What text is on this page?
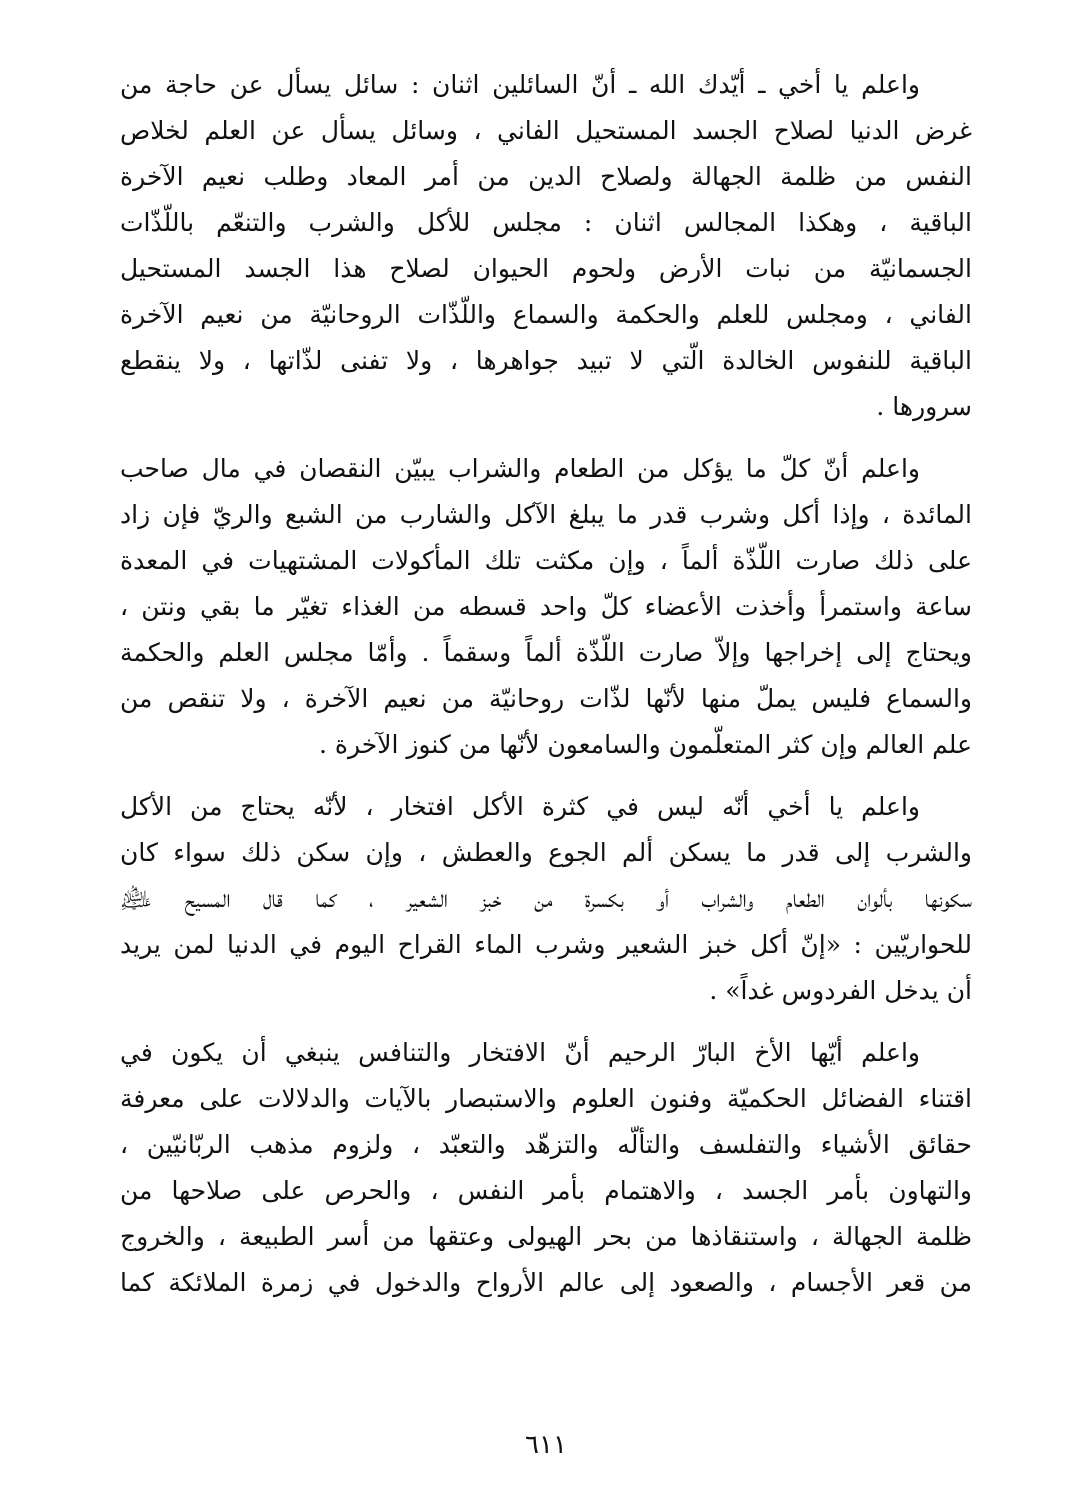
واعلم يا أخي ـ أيّدك الله ـ أنّ السائلين اثنان : سائل يسأل عن حاجة من
غرض الدنيا لصلاح الجسد المستحيل الفاني ، وسائل يسأل عن العلم لخلاص
النفس من ظلمة الجهالة ولصلاح الدين من أمر المعاد وطلب نعيم الآخرة
الباقية ، وهكذا المجالس اثنان : مجلس للأكل والشرب والتنعّم باللّذّات
الجسمانيّة من نبات الأرض ولحوم الحيوان لصلاح هذا الجسد المستحيل
الفاني ، ومجلس للعلم والحكمة والسماع واللّذّات الروحانيّة من نعيم الآخرة
الباقية للنفوس الخالدة الّتي لا تبيد جواهرها ، ولا تفنى لذّاتها ، ولا ينقطع
سرورها .
واعلم أنّ كلّ ما يؤكل من الطعام والشراب يبيّن النقصان في مال صاحب
المائدة ، وإذا أكل وشرب قدر ما يبلغ الآكل والشارب من الشبع والريّ فإن زاد
على ذلك صارت اللّذّة ألماً ، وإن مكثت تلك المأكولات المشتهيات في المعدة
ساعة واستمرأ وأخذت الأعضاء كلّ واحد قسطه من الغذاء تغيّر ما بقي ونتن ،
ويحتاج إلى إخراجها وإلاّ صارت اللّذّة ألماً وسقماً . وأمّا مجلس العلم والحكمة
والسماع فليس يملّ منها لأنّها لذّات روحانيّة من نعيم الآخرة ، ولا تنقص من
علم العالم وإن كثر المتعلّمون والسامعون لأنّها من كنوز الآخرة .
واعلم يا أخي أنّه ليس في كثرة الأكل افتخار ، لأنّه يحتاج من الأكل
والشرب إلى قدر ما يسكن ألم الجوع والعطش ، وإن سكن ذلك سواء كان
سكونها بألوان الطعام والشراب أو بكسرة من خبز الشعير ، كما قال المسيح ﵇
للحواريّين : «إنّ أكل خبز الشعير وشرب الماء القراح اليوم في الدنيا لمن يريد
أن يدخل الفردوس غداً» .
واعلم أيّها الأخ البارّ الرحيم أنّ الافتخار والتنافس ينبغي أن يكون في
اقتناء الفضائل الحكميّة وفنون العلوم والاستبصار بالآيات والدلالات على معرفة
حقائق الأشياء والتفلسف والتألّه والتزهّد والتعبّد ، ولزوم مذهب الربّانيّين ،
والتهاون بأمر الجسد ، والاهتمام بأمر النفس ، والحرص على صلاحها من
ظلمة الجهالة ، واستنقاذها من بحر الهيولى وعتقها من أسر الطبيعة ، والخروج
من قعر الأجسام ، والصعود إلى عالم الأرواح والدخول في زمرة الملائكة كما
٦١١
